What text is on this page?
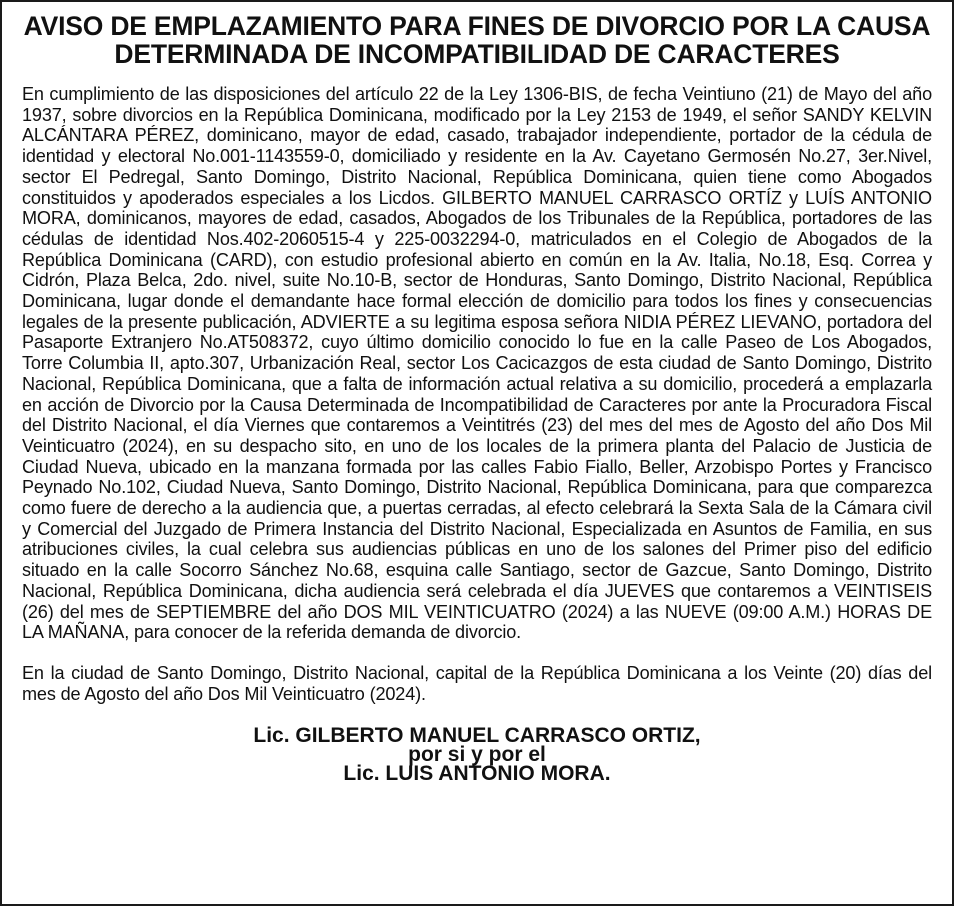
AVISO DE EMPLAZAMIENTO PARA FINES DE DIVORCIO POR LA CAUSA DETERMINADA DE INCOMPATIBILIDAD DE CARACTERES

En cumplimiento de las disposiciones del artículo 22 de la Ley 1306-BIS, de fecha Veintiuno (21) de Mayo del año 1937, sobre divorcios en la República Dominicana, modificado por la Ley 2153 de 1949, el señor SANDY KELVIN ALCÁNTARA PÉREZ, dominicano, mayor de edad, casado, trabajador independiente, portador de la cédula de identidad y electoral No.001-1143559-0, domiciliado y residente en la Av. Cayetano Germosén No.27, 3er.Nivel, sector El Pedregal, Santo Domingo, Distrito Nacional, República Dominicana, quien tiene como Abogados constituidos y apoderados especiales a los Licdos. GILBERTO MANUEL CARRASCO ORTÍZ y LUÍS ANTONIO MORA, dominicanos, mayores de edad, casados, Abogados de los Tribunales de la República, portadores de las cédulas de identidad Nos.402-2060515-4 y 225-0032294-0, matriculados en el Colegio de Abogados de la República Dominicana (CARD), con estudio profesional abierto en común en la Av. Italia, No.18, Esq. Correa y Cidrón, Plaza Belca, 2do. nivel, suite No.10-B, sector de Honduras, Santo Domingo, Distrito Nacional, República Dominicana, lugar donde el demandante hace formal elección de domicilio para todos los fines y consecuencias legales de la presente publicación, ADVIERTE a su legitima esposa señora NIDIA PÉREZ LIEVANO, portadora del Pasaporte Extranjero No.AT508372, cuyo último domicilio conocido lo fue en la calle Paseo de Los Abogados, Torre Columbia II, apto.307, Urbanización Real, sector Los Cacicazgos de esta ciudad de Santo Domingo, Distrito Nacional, República Dominicana, que a falta de información actual relativa a su domicilio, procederá a emplazarla en acción de Divorcio por la Causa Determinada de Incompatibilidad de Caracteres por ante la Procuradora Fiscal del Distrito Nacional, el día Viernes que contaremos a Veintitrés (23) del mes del mes de Agosto del año Dos Mil Veinticuatro (2024), en su despacho sito, en uno de los locales de la primera planta del Palacio de Justicia de Ciudad Nueva, ubicado en la manzana formada por las calles Fabio Fiallo, Beller, Arzobispo Portes y Francisco Peynado No.102, Ciudad Nueva, Santo Domingo, Distrito Nacional, República Dominicana, para que comparezca como fuere de derecho a la audiencia que, a puertas cerradas, al efecto celebrará la Sexta Sala de la Cámara civil y Comercial del Juzgado de Primera Instancia del Distrito Nacional, Especializada en Asuntos de Familia, en sus atribuciones civiles, la cual celebra sus audiencias públicas en uno de los salones del Primer piso del edificio situado en la calle Socorro Sánchez No.68, esquina calle Santiago, sector de Gazcue, Santo Domingo, Distrito Nacional, República Dominicana, dicha audiencia será celebrada el día JUEVES que contaremos a VEINTISEIS (26) del mes de SEPTIEMBRE del año DOS MIL VEINTICUATRO (2024) a las NUEVE (09:00 A.M.) HORAS DE LA MAÑANA, para conocer de la referida demanda de divorcio.

En la ciudad de Santo Domingo, Distrito Nacional, capital de la República Dominicana a los Veinte (20) días del mes de Agosto del año Dos Mil Veinticuatro (2024).

Lic. GILBERTO MANUEL CARRASCO ORTIZ,
por si y por el
Lic. LUIS ANTONIO MORA.
